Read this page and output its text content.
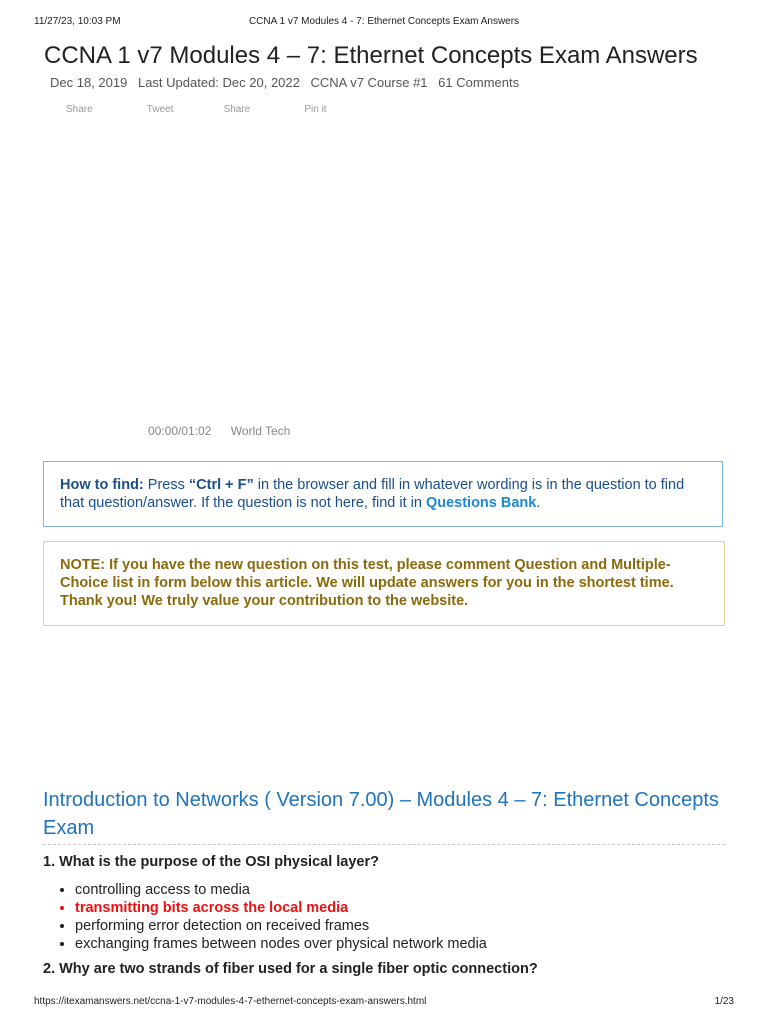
11/27/23, 10:03 PM	CCNA 1 v7 Modules 4 - 7: Ethernet Concepts Exam Answers
CCNA 1 v7 Modules 4 – 7: Ethernet Concepts Exam Answers
Dec 18, 2019 Last Updated: Dec 20, 2022 CCNA v7 Course #1 61 Comments
Share	Tweet	Share	Pin it
00:00/01:02 World Tech
How to find: Press “Ctrl + F” in the browser and fill in whatever wording is in the question to find that question/answer. If the question is not here, find it in Questions Bank.
NOTE: If you have the new question on this test, please comment Question and Multiple-Choice list in form below this article. We will update answers for you in the shortest time. Thank you! We truly value your contribution to the website.
Introduction to Networks ( Version 7.00) – Modules 4 – 7: Ethernet Concepts Exam
1. What is the purpose of the OSI physical layer?
• controlling access to media
• transmitting bits across the local media
• performing error detection on received frames
• exchanging frames between nodes over physical network media
2. Why are two strands of fiber used for a single fiber optic connection?
https://itexamanswers.net/ccna-1-v7-modules-4-7-ethernet-concepts-exam-answers.html	1/23
